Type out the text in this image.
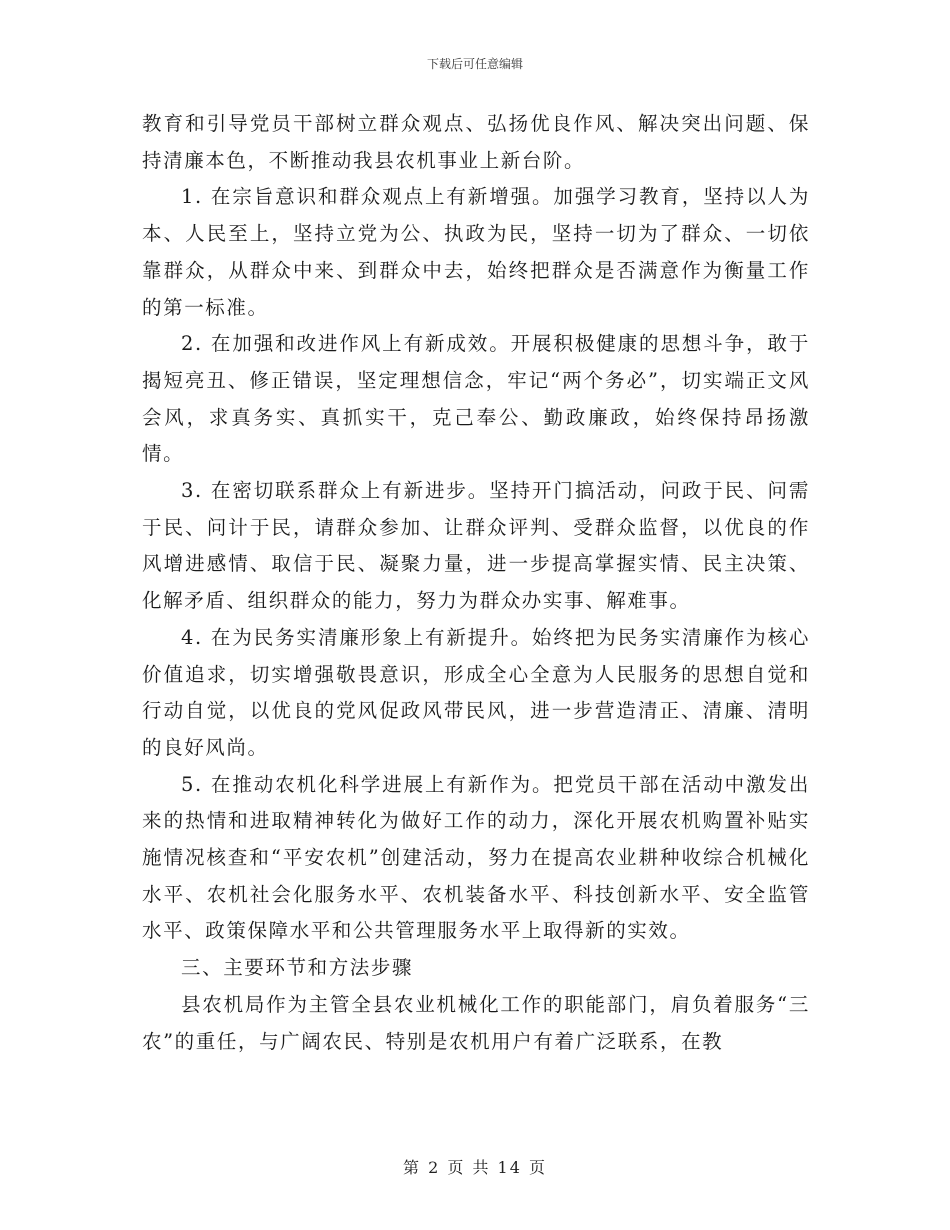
下载后可任意编辑

教育和引导党员干部树立群众观点、弘扬优良作风、解决突出问题、保持清廉本色，不断推动我县农机事业上新台阶。

1. 在宗旨意识和群众观点上有新增强。加强学习教育，坚持以人为本、人民至上，坚持立党为公、执政为民，坚持一切为了群众、一切依靠群众，从群众中来、到群众中去，始终把群众是否满意作为衡量工作的第一标准。

2. 在加强和改进作风上有新成效。开展积极健康的思想斗争，敢于揭短亮丑、修正错误，坚定理想信念，牢记“两个务必”，切实端正文风会风，求真务实、真抓实干，克己奉公、勤政廉政，始终保持昂扬激情。

3. 在密切联系群众上有新进步。坚持开门搞活动，问政于民、问需于民、问计于民，请群众参加、让群众评判、受群众监督，以优良的作风增进感情、取信于民、凝聚力量，进一步提高掌握实情、民主决策、化解矛盾、组织群众的能力，努力为群众办实事、解难事。

4. 在为民务实清廉形象上有新提升。始终把为民务实清廉作为核心价值追求，切实增强敬畏意识，形成全心全意为人民服务的思想自觉和行动自觉，以优良的党风促政风带民风，进一步营造清正、清廉、清明的良好风尚。

5. 在推动农机化科学进展上有新作为。把党员干部在活动中激发出来的热情和进取精神转化为做好工作的动力，深化开展农机购置补贴实施情况核查和“平安农机”创建活动，努力在提高农业耕种收综合机械化水平、农机社会化服务水平、农机装备水平、科技创新水平、安全监管水平、政策保障水平和公共管理服务水平上取得新的实效。

三、主要环节和方法步骤

县农机局作为主管全县农业机械化工作的职能部门，肩负着服务“三农”的重任，与广阔农民、特别是农机用户有着广泛联系，在教

第 2 页 共 14 页
